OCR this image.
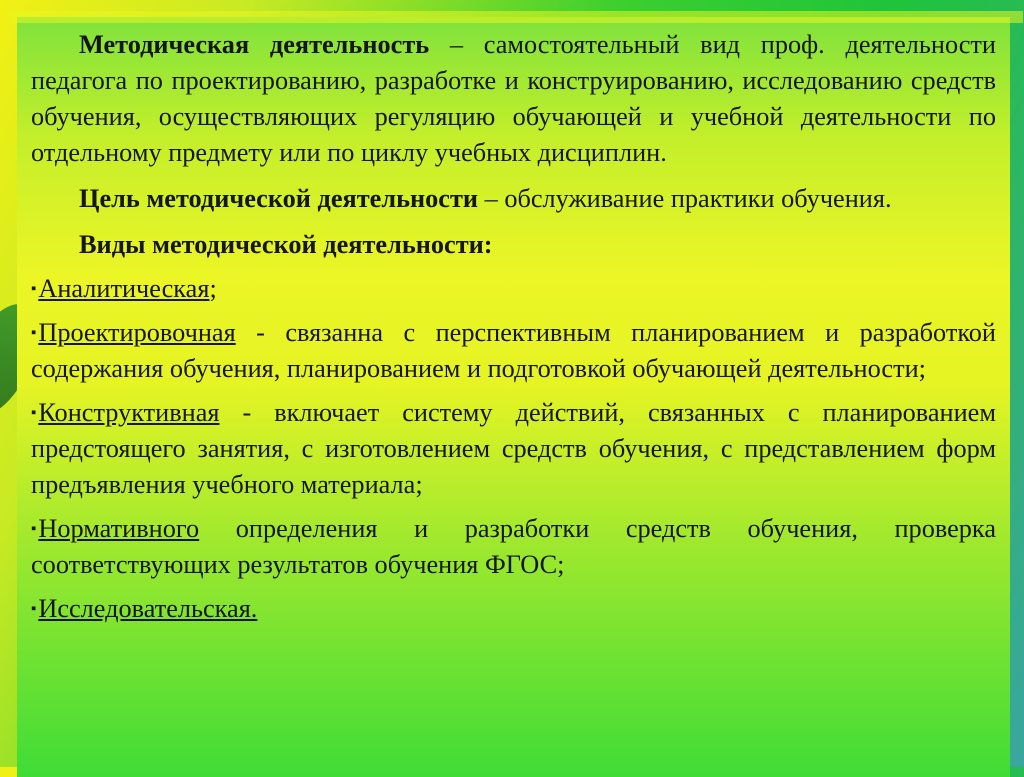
Методическая деятельность – самостоятельный вид проф. деятельности педагога по проектированию, разработке и конструированию, исследованию средств обучения, осуществляющих регуляцию обучающей и учебной деятельности по отдельному предмету или по циклу учебных дисциплин.

Цель методической деятельности – обслуживание практики обучения.

Виды методической деятельности:

▪Аналитическая;

▪Проектировочная - связанна с перспективным планированием и разработкой содержания обучения, планированием и подготовкой обучающей деятельности;

▪Конструктивная - включает систему действий, связанных с планированием предстоящего занятия, с изготовлением средств обучения, с представлением форм предъявления учебного материала;

▪Нормативного определения и разработки средств обучения, проверка соответствующих результатов обучения ФГОС;

▪Исследовательская.
